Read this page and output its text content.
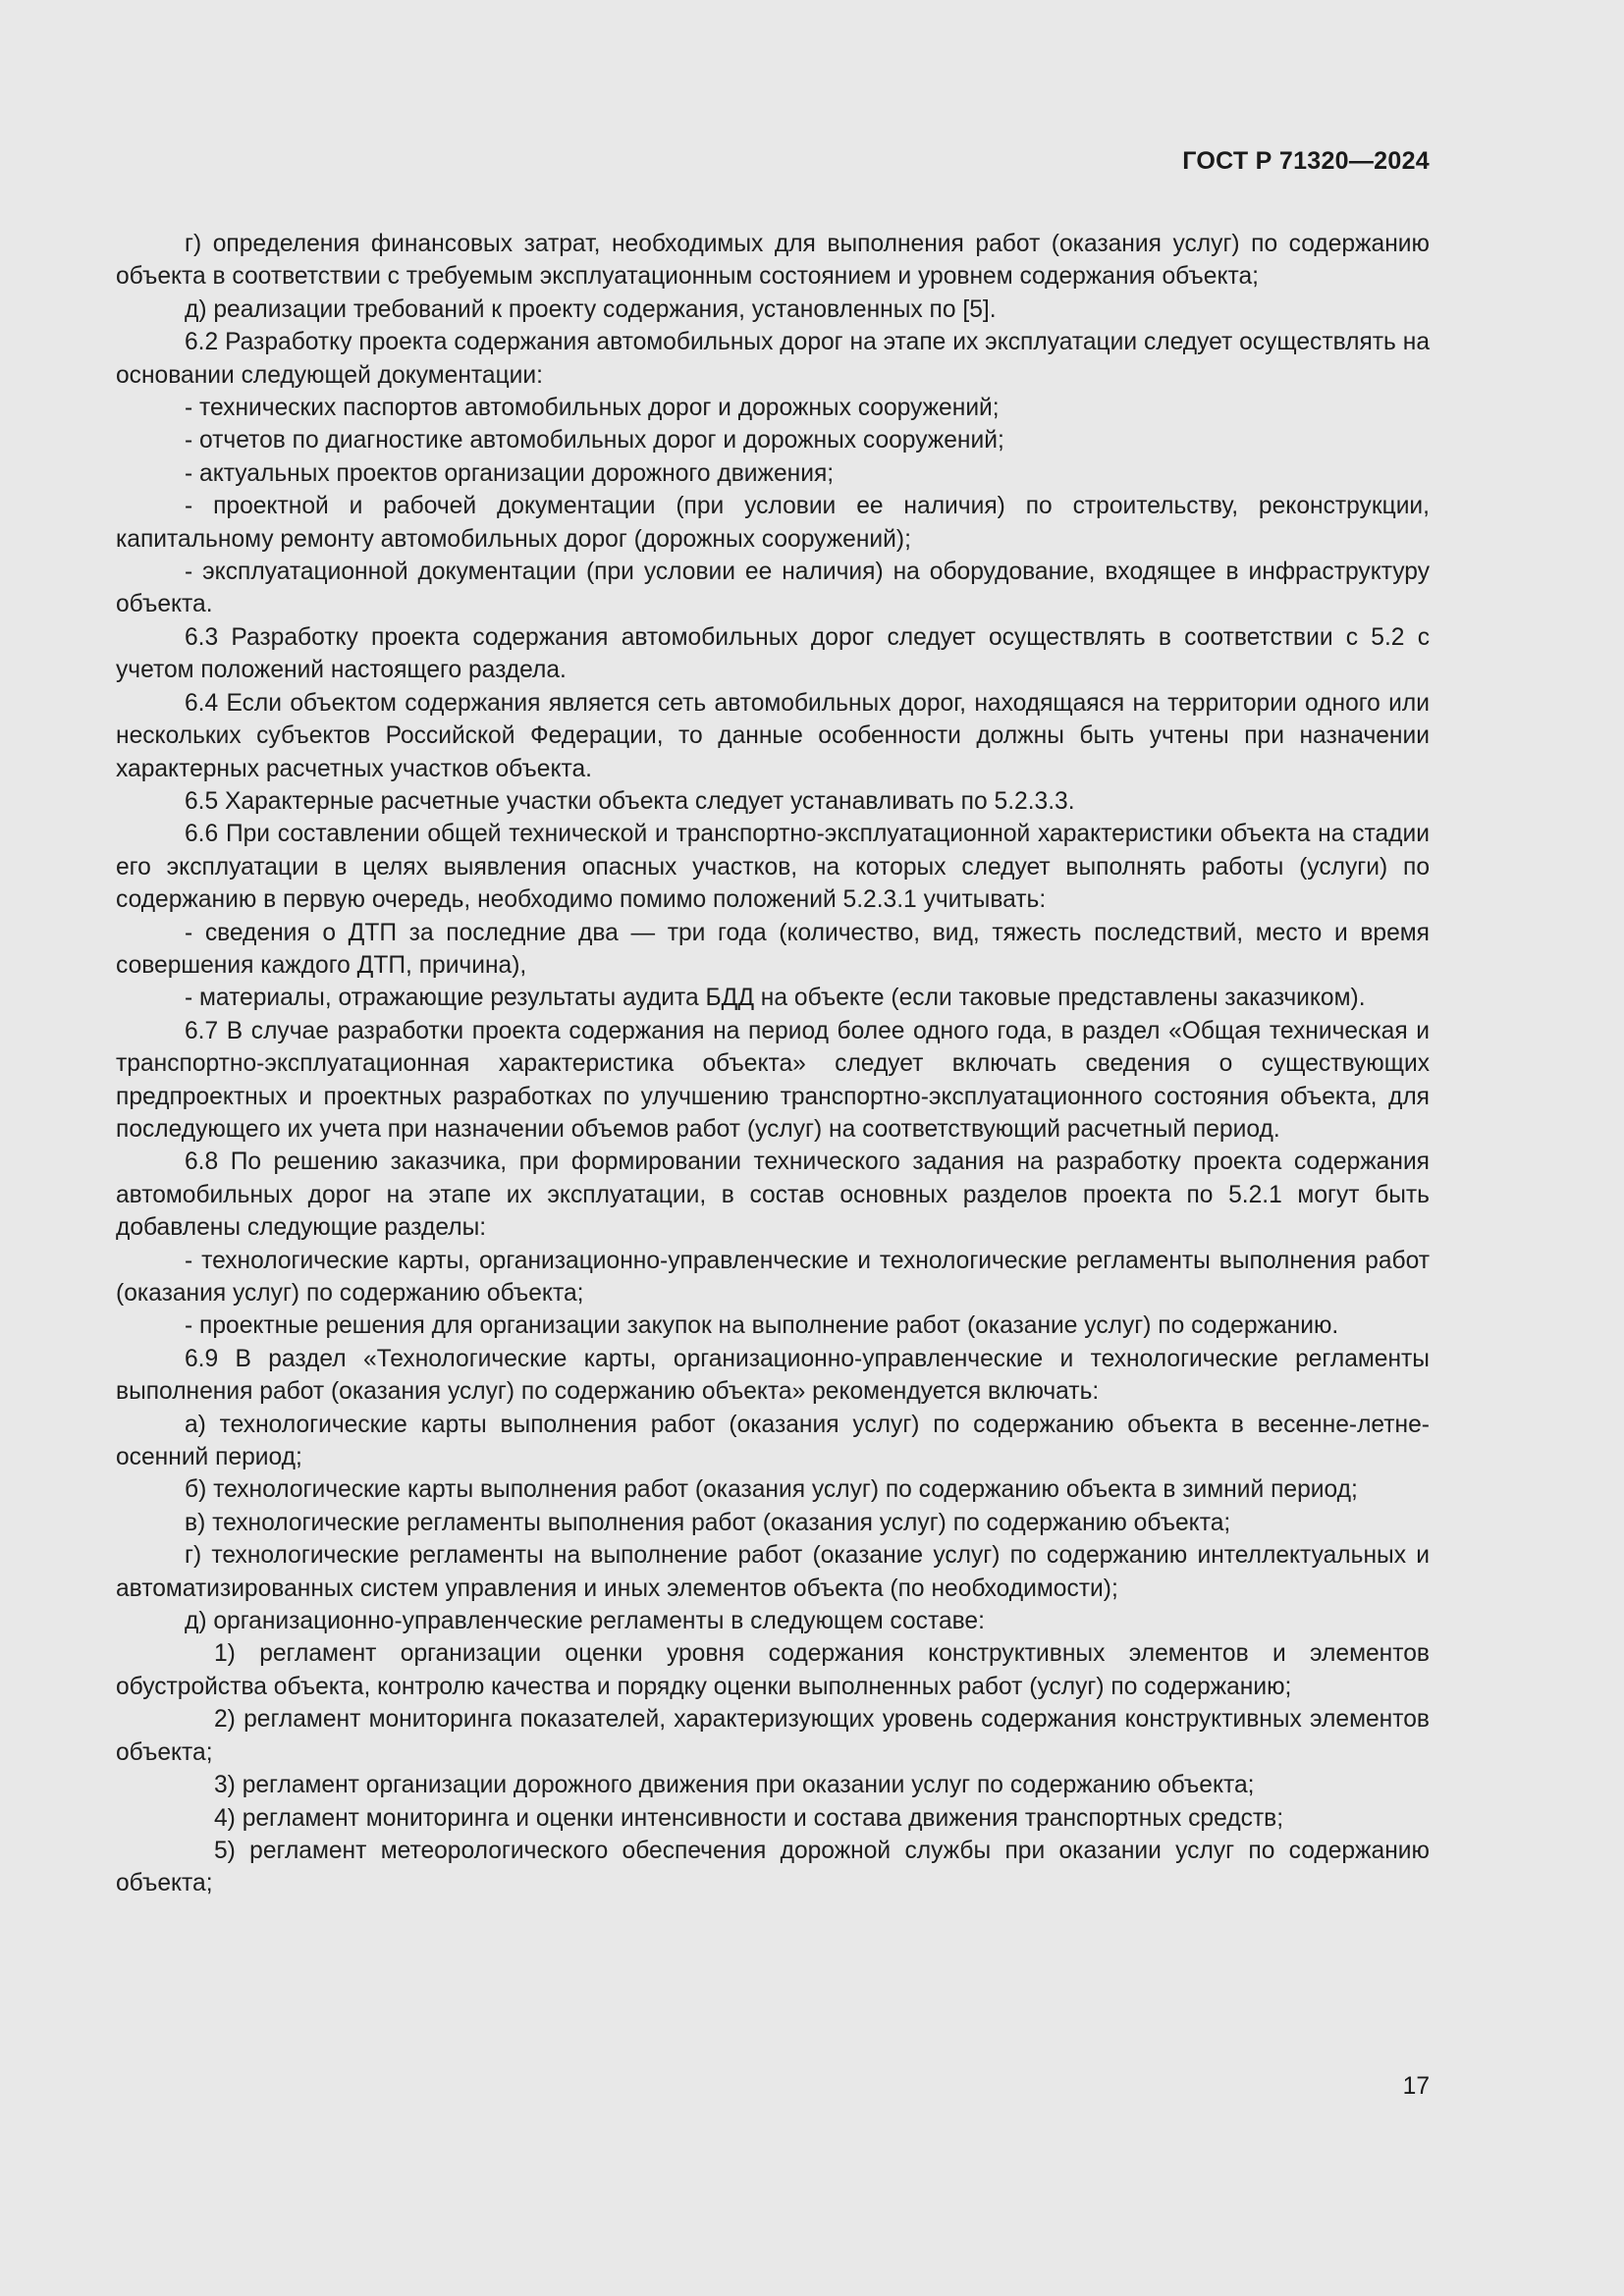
ГОСТ Р 71320—2024

г) определения финансовых затрат, необходимых для выполнения работ (оказания услуг) по содержанию объекта в соответствии с требуемым эксплуатационным состоянием и уровнем содержания объекта;

д) реализации требований к проекту содержания, установленных по [5].

6.2 Разработку проекта содержания автомобильных дорог на этапе их эксплуатации следует осуществлять на основании следующей документации:

- технических паспортов автомобильных дорог и дорожных сооружений;

- отчетов по диагностике автомобильных дорог и дорожных сооружений;

- актуальных проектов организации дорожного движения;

- проектной и рабочей документации (при условии ее наличия) по строительству, реконструкции, капитальному ремонту автомобильных дорог (дорожных сооружений);

- эксплуатационной документации (при условии ее наличия) на оборудование, входящее в инфраструктуру объекта.

6.3 Разработку проекта содержания автомобильных дорог следует осуществлять в соответствии с 5.2 с учетом положений настоящего раздела.

6.4 Если объектом содержания является сеть автомобильных дорог, находящаяся на территории одного или нескольких субъектов Российской Федерации, то данные особенности должны быть учтены при назначении характерных расчетных участков объекта.

6.5 Характерные расчетные участки объекта следует устанавливать по 5.2.3.3.

6.6 При составлении общей технической и транспортно-эксплуатационной характеристики объекта на стадии его эксплуатации в целях выявления опасных участков, на которых следует выполнять работы (услуги) по содержанию в первую очередь, необходимо помимо положений 5.2.3.1 учитывать:

- сведения о ДТП за последние два — три года (количество, вид, тяжесть последствий, место и время совершения каждого ДТП, причина),

- материалы, отражающие результаты аудита БДД на объекте (если таковые представлены заказчиком).

6.7 В случае разработки проекта содержания на период более одного года, в раздел «Общая техническая и транспортно-эксплуатационная характеристика объекта» следует включать сведения о существующих предпроектных и проектных разработках по улучшению транспортно-эксплуатационного состояния объекта, для последующего их учета при назначении объемов работ (услуг) на соответствующий расчетный период.

6.8 По решению заказчика, при формировании технического задания на разработку проекта содержания автомобильных дорог на этапе их эксплуатации, в состав основных разделов проекта по 5.2.1 могут быть добавлены следующие разделы:

- технологические карты, организационно-управленческие и технологические регламенты выполнения работ (оказания услуг) по содержанию объекта;

- проектные решения для организации закупок на выполнение работ (оказание услуг) по содержанию.

6.9 В раздел «Технологические карты, организационно-управленческие и технологические регламенты выполнения работ (оказания услуг) по содержанию объекта» рекомендуется включать:

а) технологические карты выполнения работ (оказания услуг) по содержанию объекта в весенне-летне-осенний период;

б) технологические карты выполнения работ (оказания услуг) по содержанию объекта в зимний период;

в) технологические регламенты выполнения работ (оказания услуг) по содержанию объекта;

г) технологические регламенты на выполнение работ (оказание услуг) по содержанию интеллектуальных и автоматизированных систем управления и иных элементов объекта (по необходимости);

д) организационно-управленческие регламенты в следующем составе:

1) регламент организации оценки уровня содержания конструктивных элементов и элементов обустройства объекта, контролю качества и порядку оценки выполненных работ (услуг) по содержанию;

2) регламент мониторинга показателей, характеризующих уровень содержания конструктивных элементов объекта;

3) регламент организации дорожного движения при оказании услуг по содержанию объекта;

4) регламент мониторинга и оценки интенсивности и состава движения транспортных средств;

5) регламент метеорологического обеспечения дорожной службы при оказании услуг по содержанию объекта;

17
